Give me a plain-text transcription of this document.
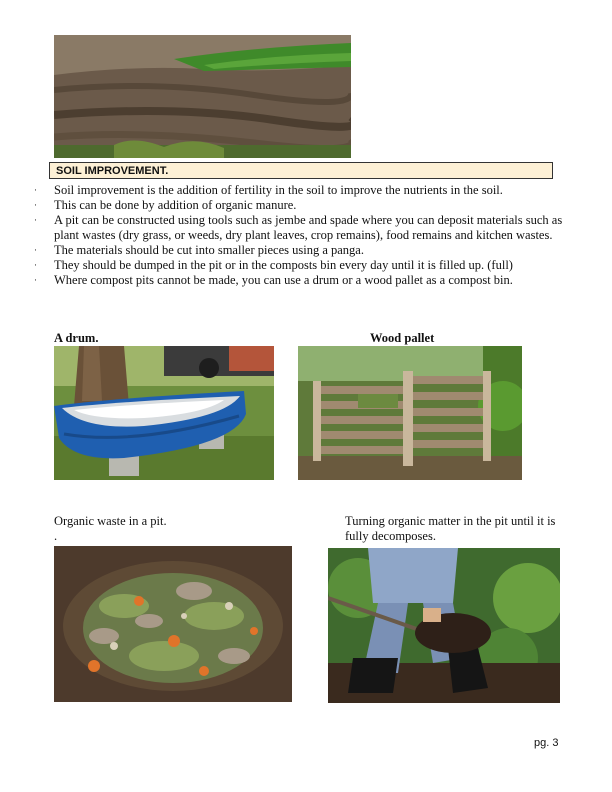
SOIL IMPROVEMENT.
· Soil improvement is the addition of fertility in the soil to improve the nutrients in the soil.
· This can be done by addition of organic manure.
· A pit can be constructed using tools such as jembe and spade where you can deposit materials such as plant wastes (dry grass, or weeds, dry plant leaves, crop remains), food remains and kitchen wastes.
· The materials should be cut into smaller pieces using a panga.
· They should be dumped in the pit or in the composts bin every day until it is filled up. (full)
· Where compost pits cannot be made, you can use a drum or a wood pallet as a compost bin.
A drum.	Wood pallet
Organic waste in a pit.
.
Turning organic matter in the pit until it is fully decomposes.
pg. 3
